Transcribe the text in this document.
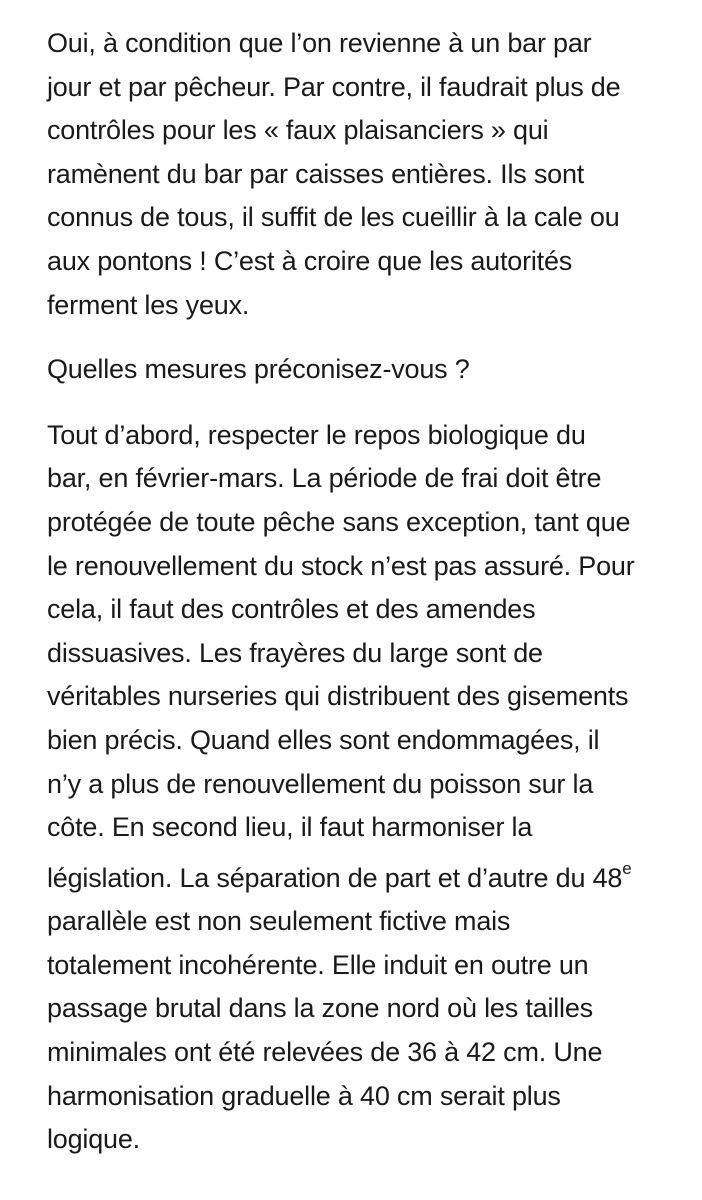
Oui, à condition que l’on revienne à un bar par
jour et par pêcheur. Par contre, il faudrait plus de
contrôles pour les « faux plaisanciers » qui
ramènent du bar par caisses entières. Ils sont
connus de tous, il suffit de les cueillir à la cale ou
aux pontons ! C’est à croire que les autorités
ferment les yeux.

Quelles mesures préconisez-vous ?

Tout d’abord, respecter le repos biologique du
bar, en février-mars. La période de frai doit être
protégée de toute pêche sans exception, tant que
le renouvellement du stock n’est pas assuré. Pour
cela, il faut des contrôles et des amendes
dissuasives. Les frayères du large sont de
véritables nurseries qui distribuent des gisements
bien précis. Quand elles sont endommagées, il
n’y a plus de renouvellement du poisson sur la
côte. En second lieu, il faut harmoniser la
législation. La séparation de part et d’autre du 48e
parallèle est non seulement fictive mais
totalement incohérente. Elle induit en outre un
passage brutal dans la zone nord où les tailles
minimales ont été relevées de 36 à 42 cm. Une
harmonisation graduelle à 40 cm serait plus
logique.
